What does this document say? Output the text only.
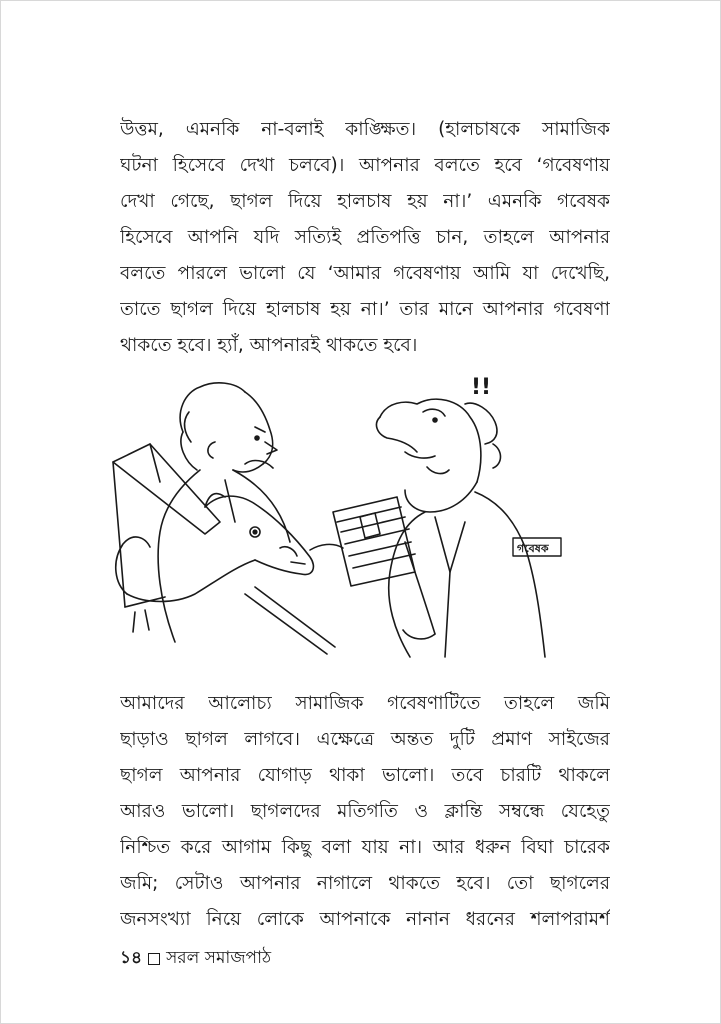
উত্তম, এমনকি না-বলাই কাঙ্ক্ষিত। (হালচাষকে সামাজিক
ঘটনা হিসেবে দেখা চলবে)। আপনার বলতে হবে ‘গবেষণায়
দেখা গেছে, ছাগল দিয়ে হালচাষ হয় না।’ এমনকি গবেষক
হিসেবে আপনি যদি সত্যিই প্রতিপত্তি চান, তাহলে আপনার
বলতে পারলে ভালো যে ‘আমার গবেষণায় আমি যা দেখেছি,
তাতে ছাগল দিয়ে হালচাষ হয় না।’ তার মানে আপনার গবেষণা
থাকতে হবে। হ্যাঁ, আপনারই থাকতে হবে।

!!
গবেষক

আমাদের আলোচ্য সামাজিক গবেষণাটিতে তাহলে জমি
ছাড়াও ছাগল লাগবে। এক্ষেত্রে অন্তত দুটি প্রমাণ সাইজের
ছাগল আপনার যোগাড় থাকা ভালো। তবে চারটি থাকলে
আরও ভালো। ছাগলদের মতিগতি ও ক্লান্তি সম্বন্ধে যেহেতু
নিশ্চিত করে আগাম কিছু বলা যায় না। আর ধরুন বিঘা চারেক
জমি; সেটাও আপনার নাগালে থাকতে হবে। তো ছাগলের
জনসংখ্যা নিয়ে লোকে আপনাকে নানান ধরনের শলাপরামর্শ

১৪ সরল সমাজপাঠ
